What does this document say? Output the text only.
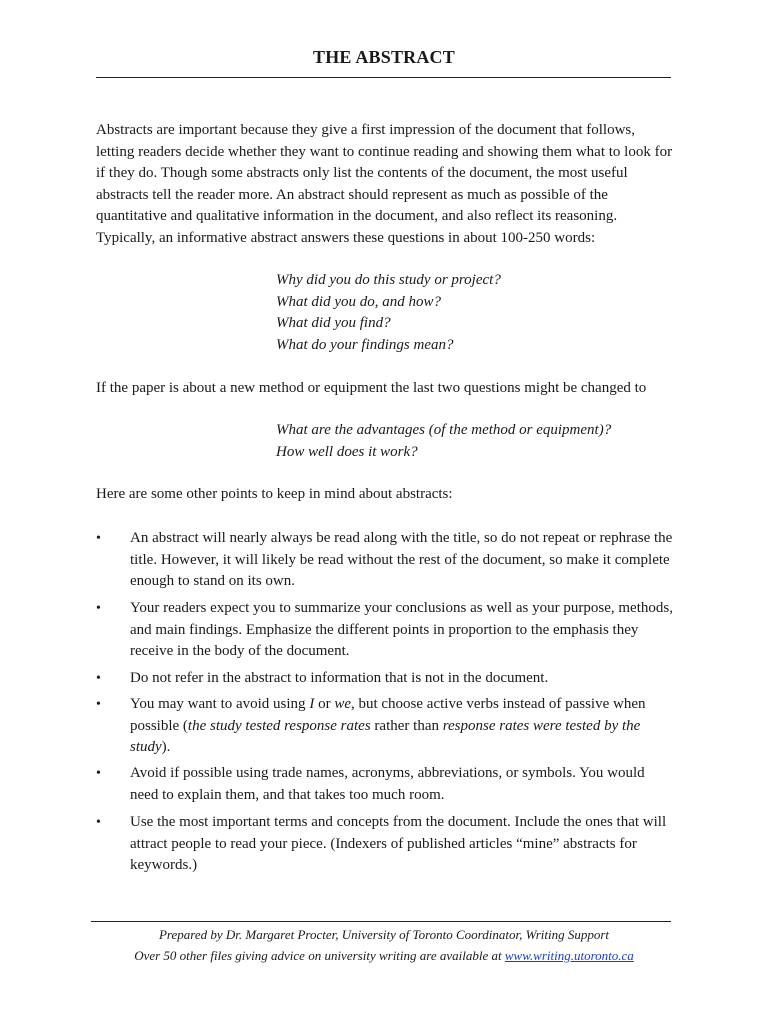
THE ABSTRACT

Abstracts are important because they give a first impression of the document that follows, letting readers decide whether they want to continue reading and showing them what to look for if they do. Though some abstracts only list the contents of the document, the most useful abstracts tell the reader more. An abstract should represent as much as possible of the quantitative and qualitative information in the document, and also reflect its reasoning. Typically, an informative abstract answers these questions in about 100-250 words:

Why did you do this study or project?
What did you do, and how?
What did you find?
What do your findings mean?

If the paper is about a new method or equipment the last two questions might be changed to

What are the advantages (of the method or equipment)?
How well does it work?

Here are some other points to keep in mind about abstracts:

•	An abstract will nearly always be read along with the title, so do not repeat or rephrase the title. However, it will likely be read without the rest of the document, so make it complete enough to stand on its own.
•	Your readers expect you to summarize your conclusions as well as your purpose, methods, and main findings. Emphasize the different points in proportion to the emphasis they receive in the body of the document.
•	Do not refer in the abstract to information that is not in the document.
•	You may want to avoid using I or we, but choose active verbs instead of passive when possible (the study tested response rates rather than response rates were tested by the study).
•	Avoid if possible using trade names, acronyms, abbreviations, or symbols. You would need to explain them, and that takes too much room.
•	Use the most important terms and concepts from the document. Include the ones that will attract people to read your piece. (Indexers of published articles “mine” abstracts for keywords.)
Prepared by Dr. Margaret Procter, University of Toronto Coordinator, Writing Support
Over 50 other files giving advice on university writing are available at www.writing.utoronto.ca
